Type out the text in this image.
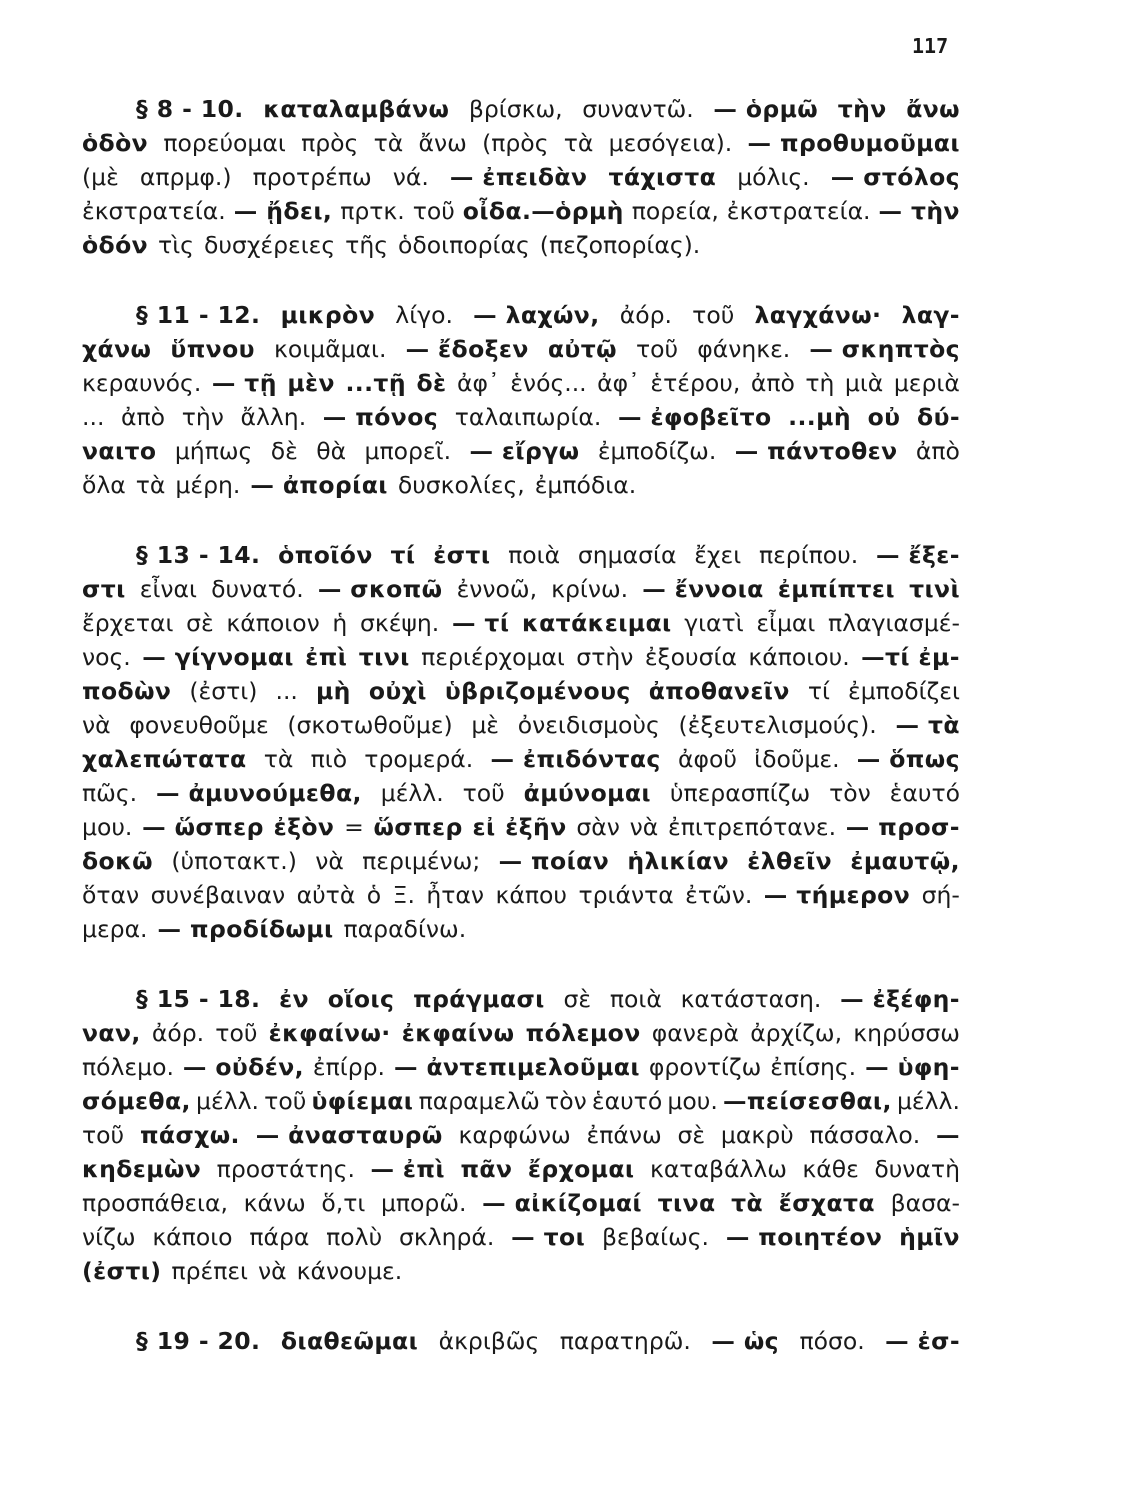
117
§ 8 - 10. καταλαμβάνω βρίσκω, συναντῶ. — ὁρμῶ τὴν ἄνω
ὁδὸν πορεύομαι πρὸς τὰ ἄνω (πρὸς τὰ μεσόγεια). — προθυμοῦμαι
(μὲ απρμφ.) προτρέπω νά. — ἐπειδὰν τάχιστα μόλις. — στόλος
ἐκστρατεία. — ᾔδει, πρτκ. τοῦ οἶδα.—ὁρμὴ πορεία, ἐκστρατεία. — τὴν
ὁδόν τὶς δυσχέρειες τῆς ὁδοιπορίας (πεζοπορίας).
§ 11 - 12. μικρὸν λίγο. — λαχών, ἀόρ. τοῦ λαγχάνω· λαγ-
χάνω ὕπνου κοιμᾶμαι. — ἔδοξεν αὐτῷ τοῦ φάνηκε. — σκηπτὸς
κεραυνός. — τῇ μὲν ...τῇ δὲ ἀφ᾽ ἑνός... ἀφ᾽ ἑτέρου, ἀπὸ τὴ μιὰ μεριὰ
... ἀπὸ τὴν ἄλλη. — πόνος ταλαιπωρία. — ἐφοβεῖτο ...μὴ οὐ δύ-
ναιτο μήπως δὲ θὰ μπορεῖ. — εἴργω ἐμποδίζω. — πάντοθεν ἀπὸ
ὅλα τὰ μέρη. — ἀπορίαι δυσκολίες, ἐμπόδια.
§ 13 - 14. ὁποῖόν τί ἐστι ποιὰ σημασία ἔχει περίπου. — ἔξε-
στι εἶναι δυνατό. — σκοπῶ ἐννοῶ, κρίνω. — ἔννοια ἐμπίπτει τινὶ
ἔρχεται σὲ κάποιον ἡ σκέψη. — τί κατάκειμαι γιατὶ εἶμαι πλαγιασμέ-
νος. — γίγνομαι ἐπὶ τινι περιέρχομαι στὴν ἐξουσία κάποιου. —τί ἐμ-
ποδὼν (ἐστι) ... μὴ οὐχὶ ὑβριζομένους ἀποθανεῖν τί ἐμποδίζει
νὰ φονευθοῦμε (σκοτωθοῦμε) μὲ ὀνειδισμοὺς (ἐξευτελισμούς). — τὰ
χαλεπώτατα τὰ πιὸ τρομερά. — ἐπιδόντας ἀφοῦ ἰδοῦμε. — ὅπως
πῶς. — ἀμυνούμεθα, μέλλ. τοῦ ἀμύνομαι ὑπερασπίζω τὸν ἑαυτό
μου. — ὥσπερ ἐξὸν = ὥσπερ εἰ ἐξῆν σὰν νὰ ἐπιτρεπότανε. — προσ-
δοκῶ (ὑποτακτ.) νὰ περιμένω; — ποίαν ἡλικίαν ἐλθεῖν ἐμαυτῷ,
ὅταν συνέβαιναν αὐτὰ ὁ Ξ. ἦταν κάπου τριάντα ἐτῶν. — τήμερον σή-
μερα. — προδίδωμι παραδίνω.
§ 15 - 18. ἐν οἵοις πράγμασι σὲ ποιὰ κατάσταση. — ἐξέφη-
ναν, ἀόρ. τοῦ ἐκφαίνω· ἐκφαίνω πόλεμον φανερὰ ἀρχίζω, κηρύσσω
πόλεμο. — οὐδέν, ἐπίρρ. — ἀντεπιμελοῦμαι φροντίζω ἐπίσης. — ὑφη-
σόμεθα, μέλλ. τοῦ ὑφίεμαι παραμελῶ τὸν ἑαυτό μου. —πείσεσθαι, μέλλ.
τοῦ πάσχω. — ἀνασταυρῶ καρφώνω ἐπάνω σὲ μακρὺ πάσσαλο. —
κηδεμὼν προστάτης. — ἐπὶ πᾶν ἔρχομαι καταβάλλω κάθε δυνατὴ
προσπάθεια, κάνω ὅ,τι μπορῶ. — αἰκίζομαί τινα τὰ ἔσχατα βασα-
νίζω κάποιο πάρα πολὺ σκληρά. — τοι βεβαίως. — ποιητέον ἡμῖν
(ἐστι) πρέπει νὰ κάνουμε.
§ 19 - 20. διαθεῶμαι ἀκριβῶς παρατηρῶ. — ὡς πόσο. — ἐσ-
